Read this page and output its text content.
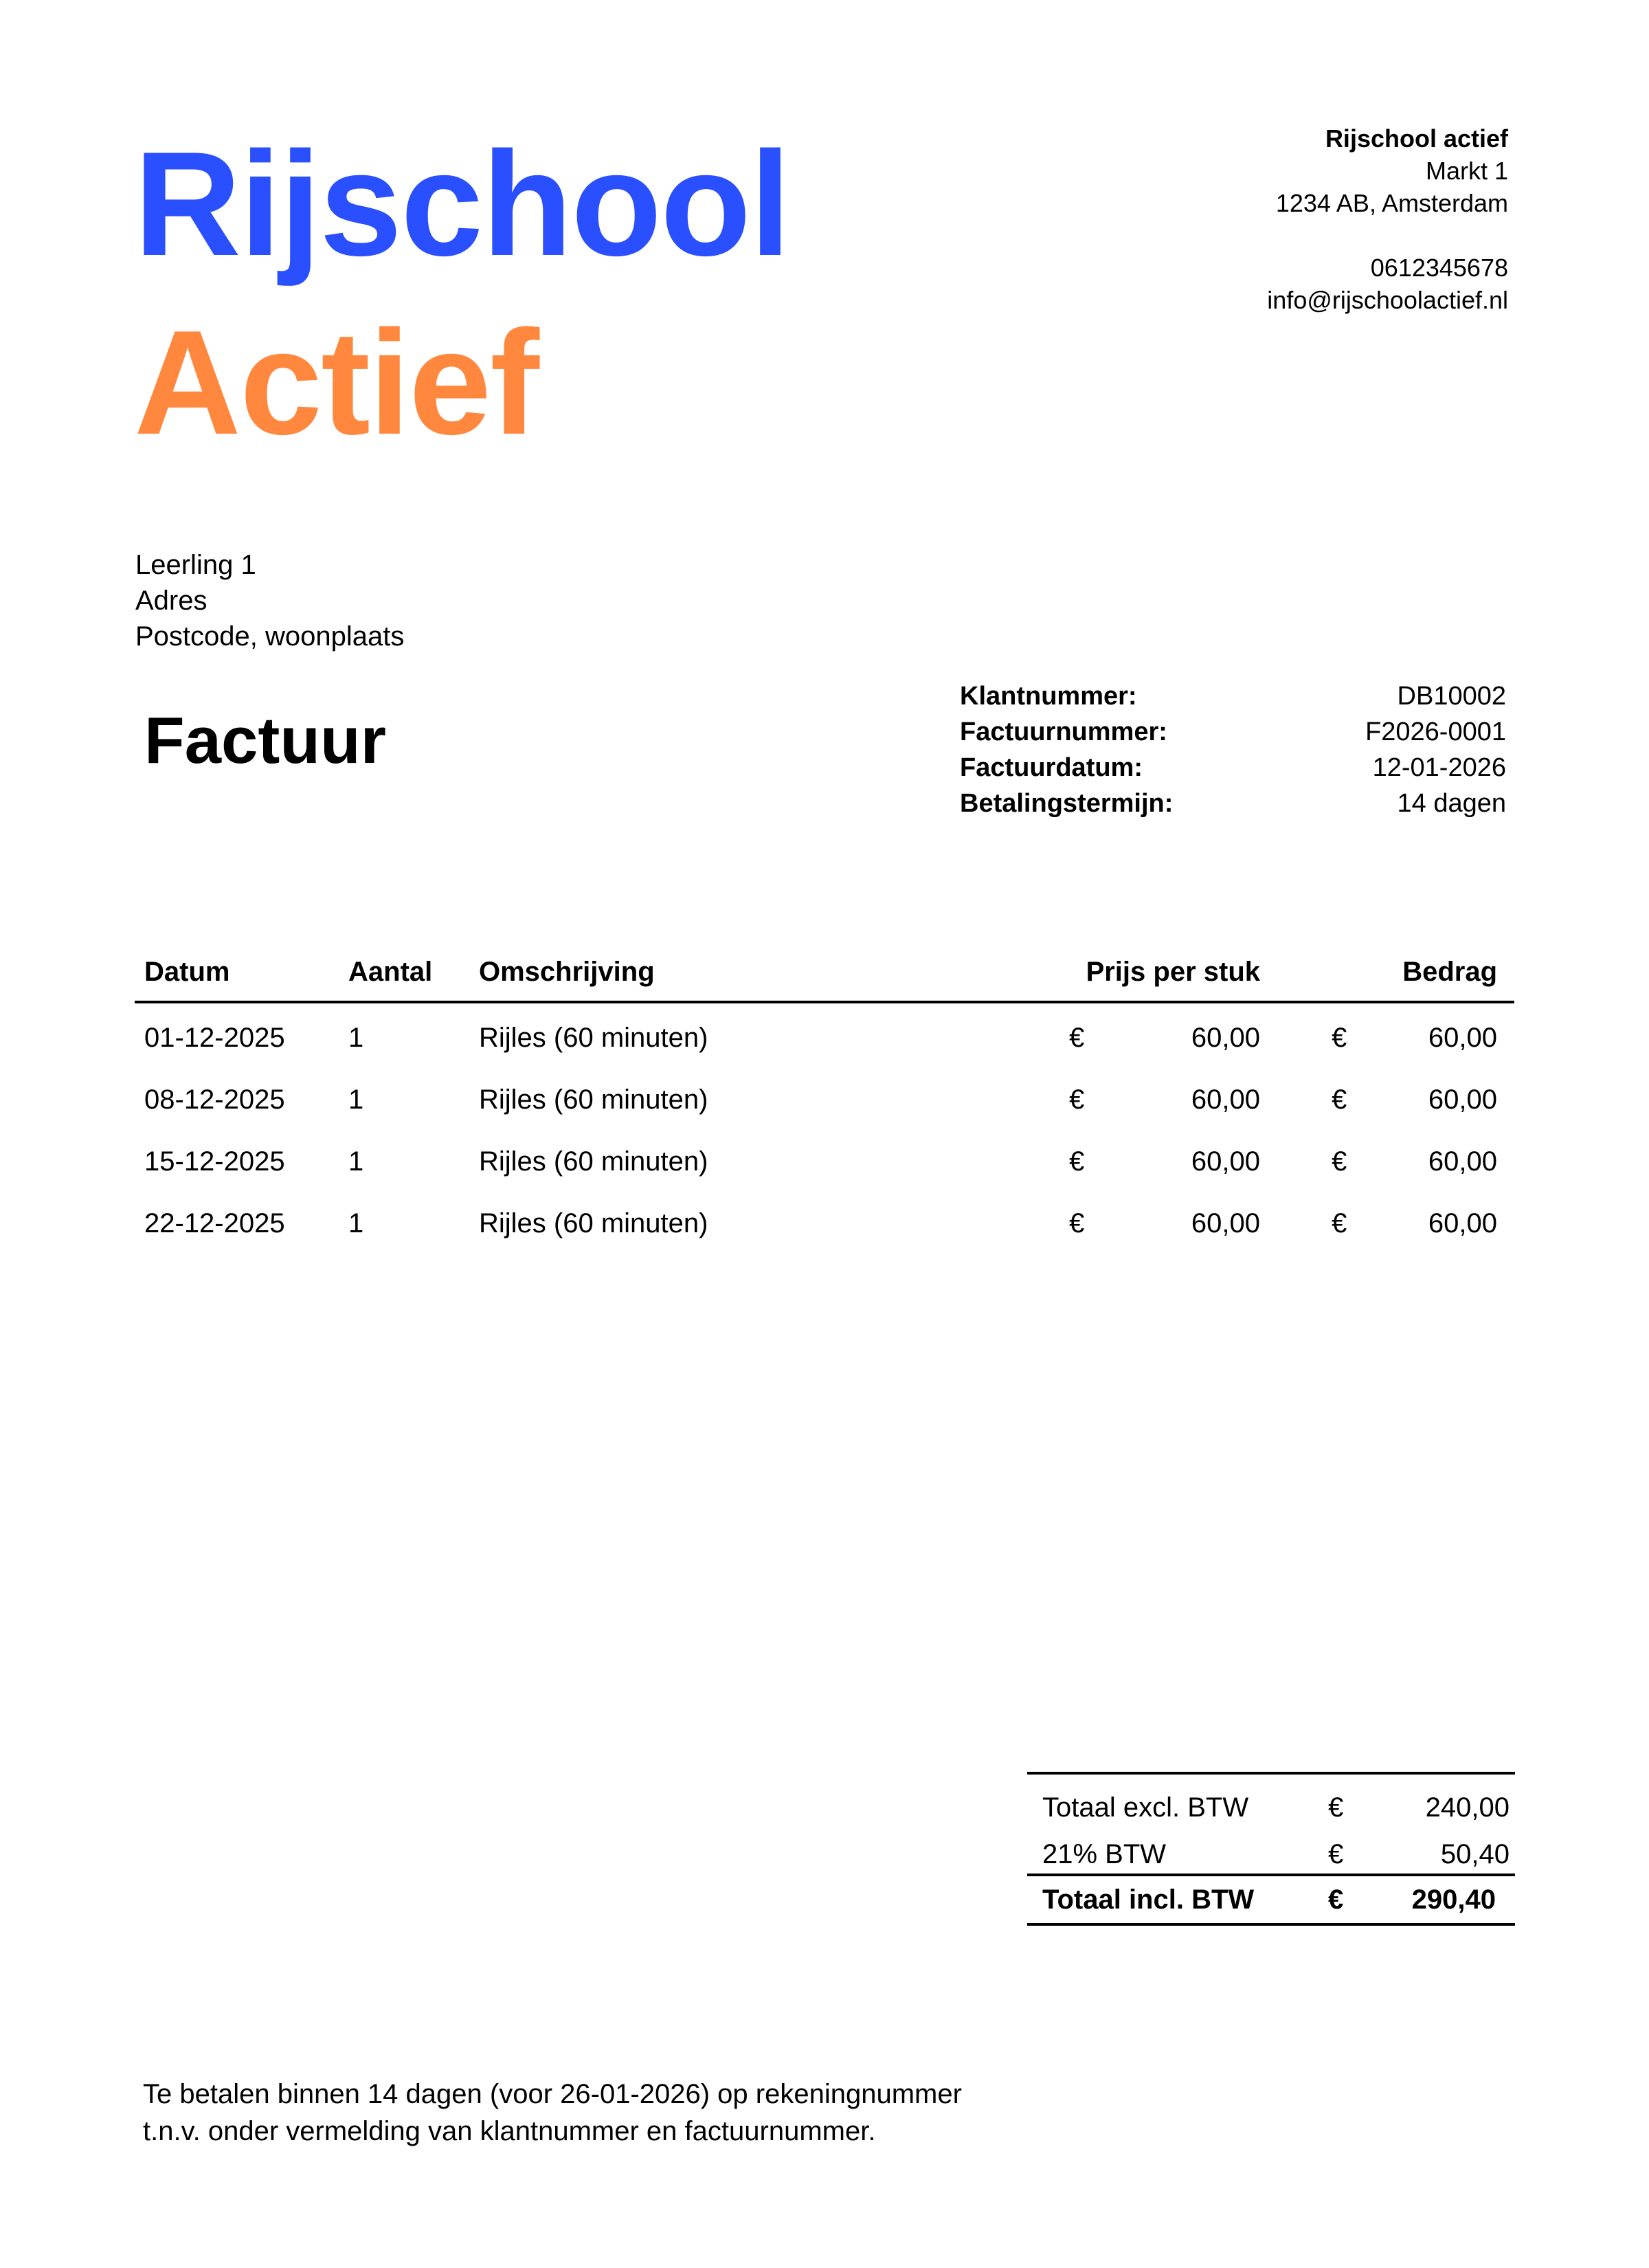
Rijschool
Actief
Rijschool actief
Markt 1
1234 AB, Amsterdam
0612345678
info@rijschoolactief.nl
Leerling 1
Adres
Postcode, woonplaats
Factuur
Klantnummer:	DB10002
Factuurnummer:	F2026-0001
Factuurdatum:	12-01-2026
Betalingstermijn:	14 dagen
Datum	Aantal Omschrijving	Prijs per stuk	Bedrag
01-12-2025 1	Rijles (60 minuten)	€	60,00	€	60,00
08-12-2025 1	Rijles (60 minuten)	€	60,00	€	60,00
15-12-2025 1	Rijles (60 minuten)	€	60,00	€	60,00
22-12-2025 1	Rijles (60 minuten)	€	60,00	€	60,00
Totaal excl. BTW	€	240,00
21% BTW	€	50,40
Totaal incl. BTW	€ 290,40
Te betalen binnen 14 dagen (voor 26-01-2026) op rekeningnummer
t.n.v. onder vermelding van klantnummer en factuurnummer.
